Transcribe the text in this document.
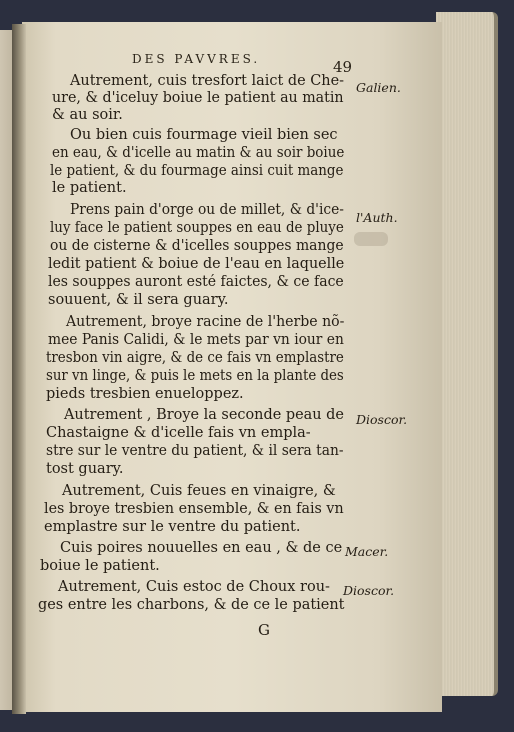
DES PAVVRES.	49
Autrement, cuis tresfort laict de Che-
ure, & d'iceluy boiue le patient au matin
& au soir.
Ou bien cuis fourmage vieil bien sec
en eau, & d'icelle au matin & au soir boiue
le patient, & du fourmage ainsi cuit mange
le patient.
Prens pain d'orge ou de millet, & d'ice-
luy face le patient souppes en eau de pluye
ou de cisterne & d'icelles souppes mange
ledit patient & boiue de l'eau en laquelle
les souppes auront esté faictes, & ce face
souuent, & il sera guary.
Autrement, broye racine de l'herbe nõ-
mee Panis Calidi, & le mets par vn iour en
tresbon vin aigre, & de ce fais vn emplastre
sur vn linge, & puis le mets en la plante des
pieds tresbien enueloppez.
Autrement , Broye la seconde peau de
Chastaigne & d'icelle fais vn empla-
stre sur le ventre du patient, & il sera tan-
tost guary.
Autrement, Cuis feues en vinaigre, &
les broye tresbien ensemble, & en fais vn
emplastre sur le ventre du patient.
Cuis poires nouuelles en eau , & de ce
boiue le patient.
Autrement, Cuis estoc de Choux rou-
ges entre les charbons, & de ce le patient
Galien.
l'Auth.
Dioscor.
Macer.
Dioscor.
G
